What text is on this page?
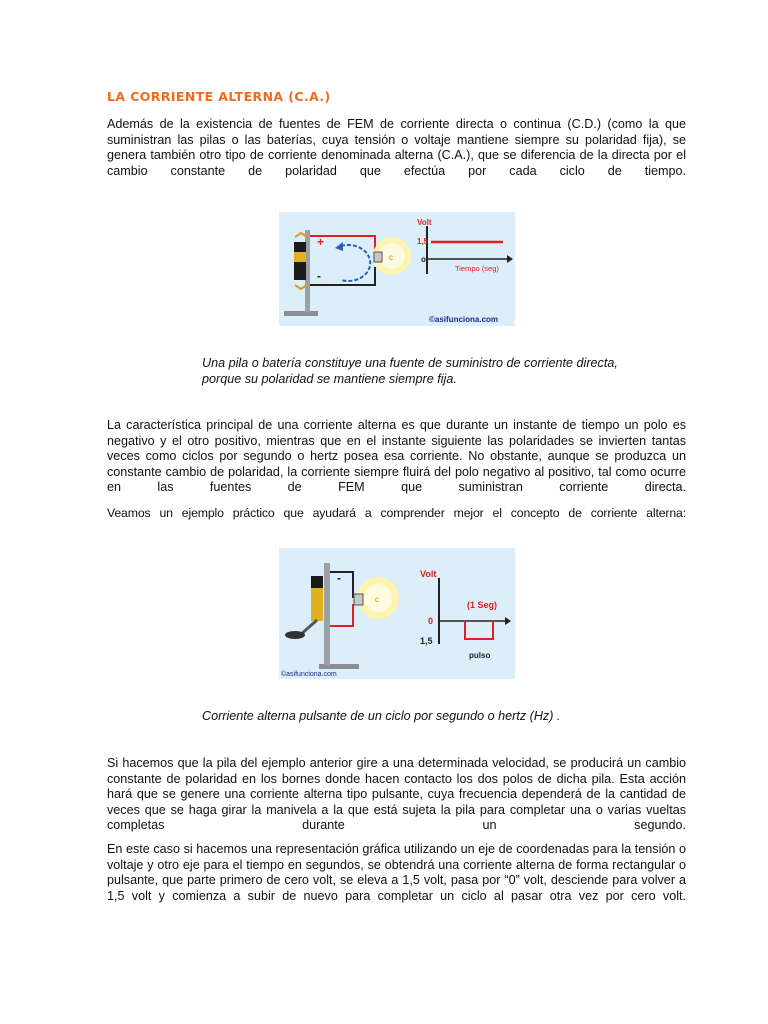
LA CORRIENTE ALTERNA (C.A.)

Además de la existencia de fuentes de FEM de corriente directa o continua (C.D.) (como la que suministran las pilas o las baterías, cuya tensión o voltaje mantiene siempre su polaridad fija), se genera también otro tipo de corriente denominada alterna (C.A.), que se diferencia de la directa por el cambio constante de polaridad que efectúa por cada ciclo de tiempo.

+
-
c
Volt
1,5
o
Tiempo (seg)
©asifunciona.com

Una pila o batería constituye una fuente de suministro de corriente directa, porque su polaridad se mantiene siempre fija.

La característica principal de una corriente alterna es que durante un instante de tiempo un polo es negativo y el otro positivo, mientras que en el instante siguiente las polaridades se invierten tantas veces como ciclos por segundo o hertz posea esa corriente. No obstante, aunque se produzca un constante cambio de polaridad, la corriente siempre fluirá del polo negativo al positivo, tal como ocurre en las fuentes de FEM que suministran corriente directa.

Veamos un ejemplo práctico que ayudará a comprender mejor el concepto de corriente alterna:

-
c
Volt
0
1,5
(1 Seg)
pulso
©asifunciona.com

Corriente alterna pulsante de un ciclo por segundo o hertz (Hz) .

Si hacemos que la pila del ejemplo anterior gire a una determinada velocidad, se producirá un cambio constante de polaridad en los bornes donde hacen contacto los dos polos de dicha pila. Esta acción hará que se genere una corriente alterna tipo pulsante, cuya frecuencia dependerá de la cantidad de veces que se haga girar la manivela a la que está sujeta la pila para completar una o varias vueltas completas durante un segundo.

En este caso si hacemos una representación gráfica utilizando un eje de coordenadas para la tensión o voltaje y otro eje para el tiempo en segundos, se obtendrá una corriente alterna de forma rectangular o pulsante, que parte primero de cero volt, se eleva a 1,5 volt, pasa por “0” volt, desciende para volver a 1,5 volt y comienza a subir de nuevo para completar un ciclo al pasar otra vez por cero volt.
